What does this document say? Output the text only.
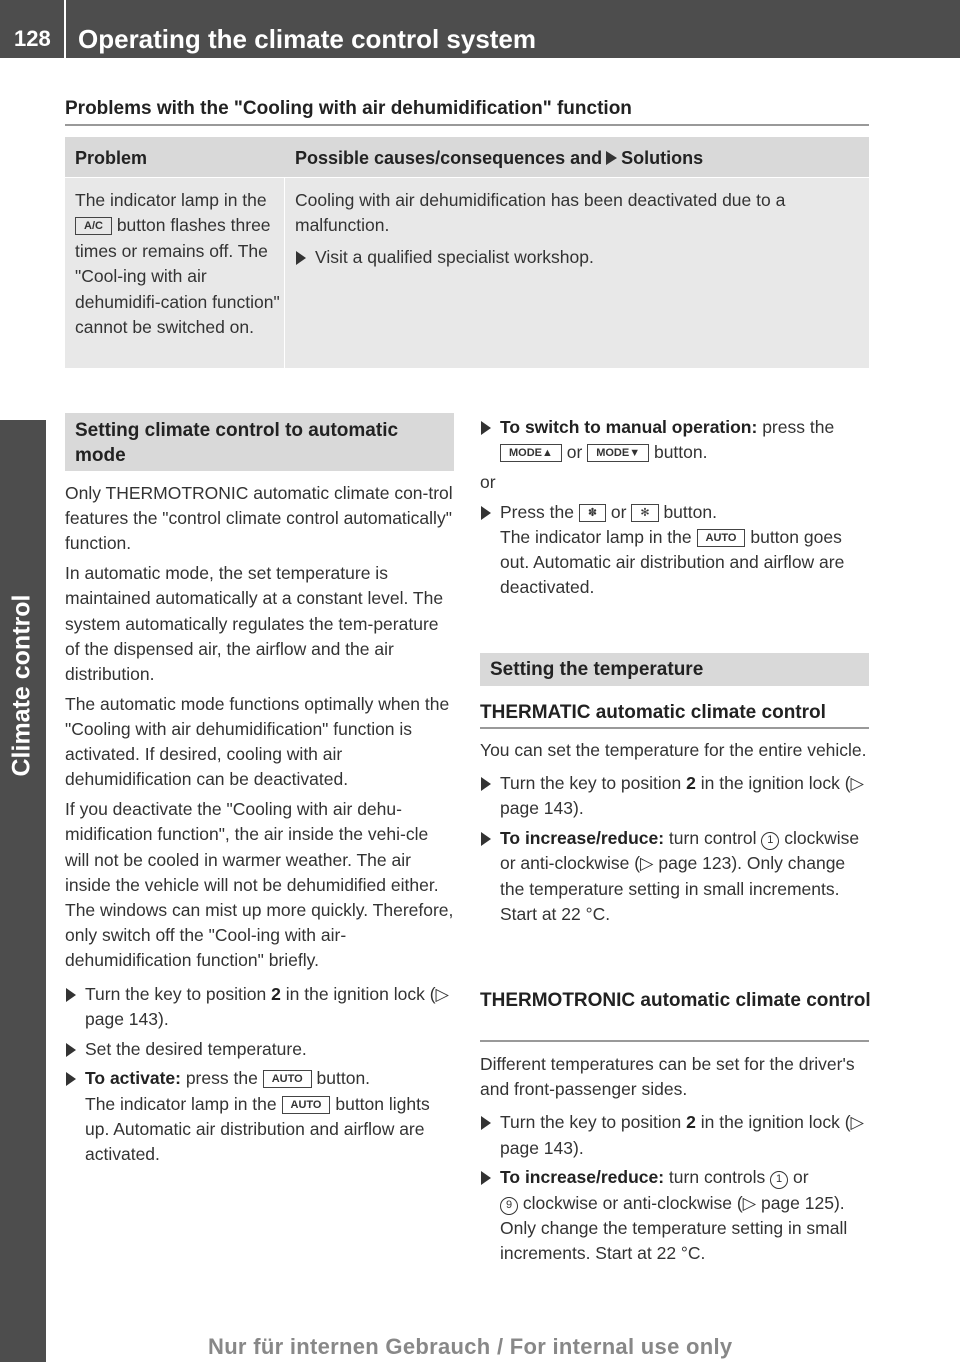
128 Operating the climate control system
Climate control
Problems with the "Cooling with air dehumidification" function
Problem	Possible causes/consequences and Solutions
The indicator lamp in the A/C button flashes three times or remains off. The "Cool-ing with air dehumidifi-cation function" cannot be switched on.

Cooling with air dehumidification has been deactivated due to a malfunction.

Visit a qualified specialist workshop.
Setting climate control to automatic mode

Only THERMOTRONIC automatic climate con-trol features the "control climate control automatically" function.

In automatic mode, the set temperature is maintained automatically at a constant level. The system automatically regulates the tem-perature of the dispensed air, the airflow and the air distribution.

The automatic mode functions optimally when the "Cooling with air dehumidification" function is activated. If desired, cooling with air dehumidification can be deactivated.

If you deactivate the "Cooling with air dehu-midification function", the air inside the vehi-cle will not be cooled in warmer weather. The air inside the vehicle will not be dehumidified either. The windows can mist up more quickly. Therefore, only switch off the "Cool-ing with air-dehumidification function" briefly.

Turn the key to position 2 in the ignition lock (▷ page 143).
Set the desired temperature.
To activate: press the AUTO button.
The indicator lamp in the AUTO button lights up. Automatic air distribution and airflow are activated.
To switch to manual operation: press the
MODE▲ or MODE▼ button.

or

Press the ✽ or ✻ button.
The indicator lamp in the AUTO button goes out. Automatic air distribution and airflow are deactivated.
Setting the temperature
THERMATIC automatic climate control

You can set the temperature for the entire vehicle.

Turn the key to position 2 in the ignition lock (▷ page 143).
To increase/reduce: turn control 1 clockwise or anti-clockwise (▷ page 123). Only change the temperature setting in small increments. Start at 22 °C.
THERMOTRONIC automatic climate control

Different temperatures can be set for the driver's and front-passenger sides.

Turn the key to position 2 in the ignition lock (▷ page 143).
To increase/reduce: turn controls 1 or
9 clockwise or anti-clockwise (▷ page 125). Only change the temperature setting in small increments. Start at 22 °C.
Nur für internen Gebrauch / For internal use only
